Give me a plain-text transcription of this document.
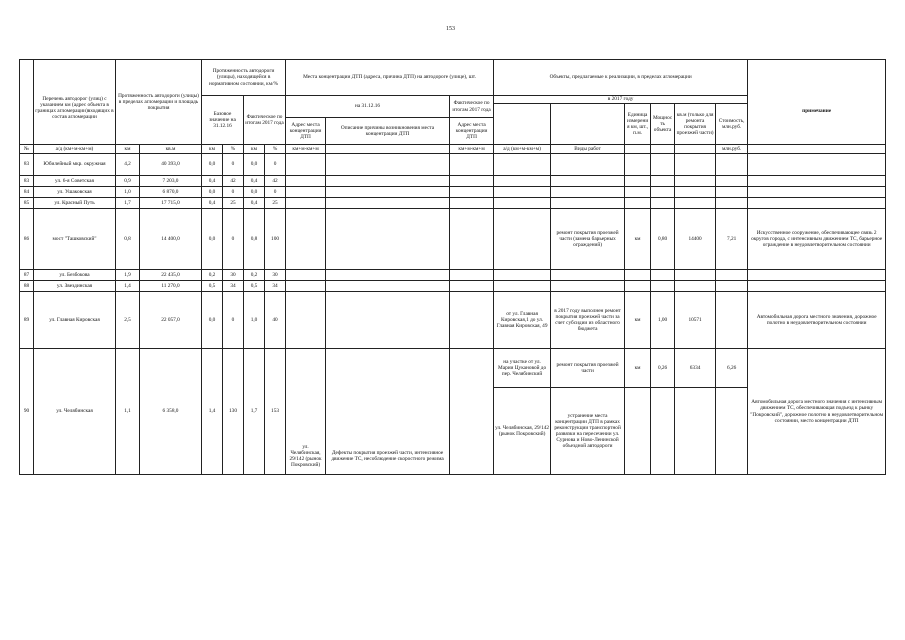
153

Перечень автодорог (улиц) с указанием км (адрес объекта в границах агломерации)входящих в состав агломерации	Протяженность автодороги (улицы) в пределах агломерации и площадь покрытия		Протяженность автодороги (улицы), находящейся в нормативном состоянии, км/%				Места концентрации ДТП (адреса, причина ДТП) на автодороге (улице), шт.			Объекты, предлагаемые к реализации, в пределах агломерации						примечание
				Базовое значение на 31.12.16		Фактическое по итогам 2017 года		на 31.12.16		Фактическое по итогам 2017 года	в 2017 году						
													Единица измерения км, шт., п.м.	Мощность объекта	кв.м (только для ремонта покрытия проезжей части)	Стоимость, млн.руб.	
								Адрес места концентрации ДТП	Описание причины возникновения места концентрации ДТП	Адрес места концентрации ДТП							
№	а/д (км+м-км+м)	км	кв.м	км	%	км	%	км+м-км+м		км+м-км+м	а/д (км+м-км+м)	Виды работ				млн.руб.	
83	Юбилейный мкр. окружная	4,2	40 393,0	0,0	0	0,0	0										
83	ул. 6-я Советская	0,9	7 203,0	0,4	42	0,4	42										
84	ул. Ушаковская	1,0	6 870,0	0,0	0	0,0	0										
85	ул. Красный Путь	1,7	17 715,0	0,4	25	0,4	25										
86	мост "Ташковский"	0,8	14 400,0	0,0	0	0,8	100					ремонт покрытия проезжей части (замена барьерных ограждений)	км	0,80	14400	7,21	Искусственное сооружение, обеспечивающее связь 2 округов города, с интенсивным движением ТС, барьерное ограждение в неудовлетворительном состоянии
87	ул. Безбокова	1,9	22 435,0	0,2	30	0,2	30										
88	ул. Звездинская	1,4	11 270,0	0,5	34	0,5	34										
89	ул. Главная Кировская	2,5	22 057,0	0,0	0	1,0	40				от ул. Главная Кировская,1 до ул. Главная Кировская, 49	в 2017 году выполнен ремонт покрытия проезжей части за счет субсидии из областного бюджета	км	1,00	10571		Автомобильная дорога местного значения, дорожное полотно в неудовлетворительном состоянии
90	ул. Челябинская	1,1	6 358,0	1,4	130	1,7	153	ул. Челябинская, 29/142 (рынок Покровский)	Дефекты покрытия проезжей части, интенсивное движение ТС, несоблюдение скоростного режима		на участке от ул. Марии Цукановой до пер. Челябинский	ремонт покрытия проезжей части	км	0,26	6334	6,26	Автомобильная дорога местного значения с интенсивным движением ТС, обеспечивающая подъезд к рынку "Покровский", дорожное полотно в неудовлетворительном состоянии, место концентрации ДТП
											ул. Челябинская, 29/142 (рынок Покровский)	устранение места концентрации ДТП в рамках реконструкции транспортной развязки на пересечении ул. Сурнова и Ново-Ленинской объездной автодороги					
